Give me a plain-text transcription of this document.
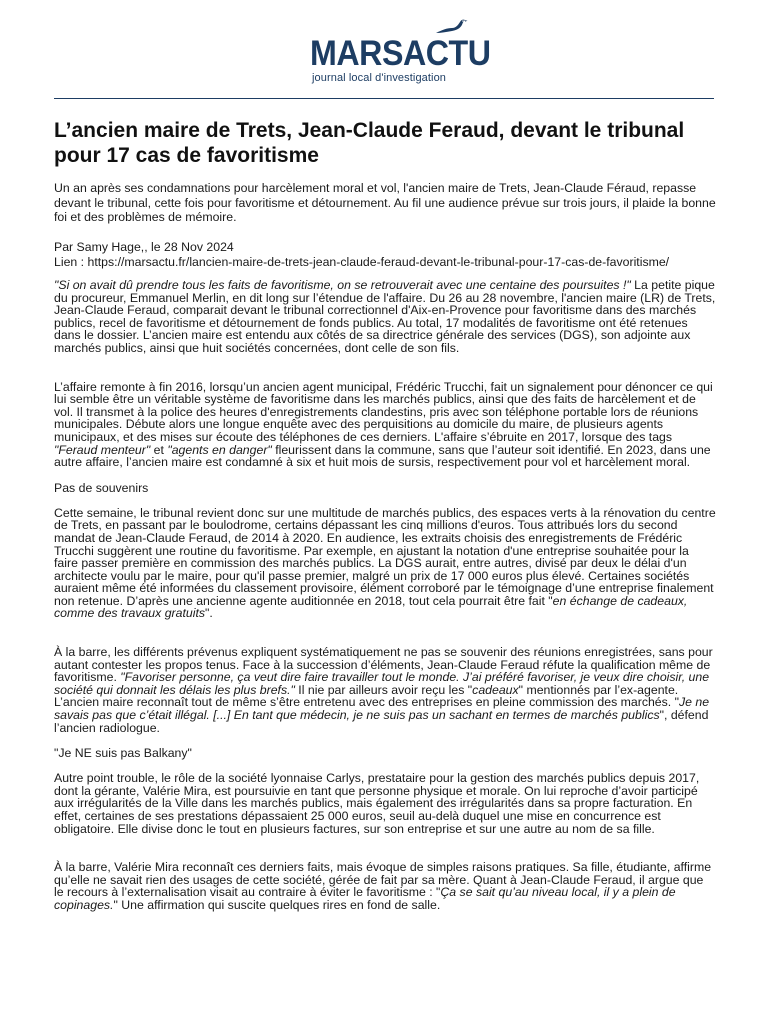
MARSACTU
journal local d'investigation
L’ancien maire de Trets, Jean-Claude Feraud, devant le tribunal pour 17 cas de favoritisme
Un an après ses condamnations pour harcèlement moral et vol, l'ancien maire de Trets, Jean-Claude Féraud, repasse devant le tribunal, cette fois pour favoritisme et détournement. Au fil une audience prévue sur trois jours, il plaide la bonne foi et des problèmes de mémoire.
Par Samy Hage,, le 28 Nov 2024
Lien : https://marsactu.fr/lancien-maire-de-trets-jean-claude-feraud-devant-le-tribunal-pour-17-cas-de-favoritisme/

"Si on avait dû prendre tous les faits de favoritisme, on se retrouverait avec une centaine des poursuites !" La petite pique du procureur, Emmanuel Merlin, en dit long sur l’étendue de l'affaire. Du 26 au 28 novembre, l'ancien maire (LR) de Trets, Jean-Claude Feraud, comparait devant le tribunal correctionnel d'Aix-en-Provence pour favoritisme dans des marchés publics, recel de favoritisme et détournement de fonds publics. Au total, 17 modalités de favoritisme ont été retenues dans le dossier. L’ancien maire est entendu aux côtés de sa directrice générale des services (DGS), son adjointe aux marchés publics, ainsi que huit sociétés concernées, dont celle de son fils.

L’affaire remonte à fin 2016, lorsqu’un ancien agent municipal, Frédéric Trucchi, fait un signalement pour dénoncer ce qui lui semble être un véritable système de favoritisme dans les marchés publics, ainsi que des faits de harcèlement et de vol. Il transmet à la police des heures d'enregistrements clandestins, pris avec son téléphone portable lors de réunions municipales. Débute alors une longue enquête avec des perquisitions au domicile du maire, de plusieurs agents municipaux, et des mises sur écoute des téléphones de ces derniers. L'affaire s’ébruite en 2017, lorsque des tags "Feraud menteur" et "agents en danger" fleurissent dans la commune, sans que l’auteur soit identifié. En 2023, dans une autre affaire, l’ancien maire est condamné à six et huit mois de sursis, respectivement pour vol et harcèlement moral.

Pas de souvenirs

Cette semaine, le tribunal revient donc sur une multitude de marchés publics, des espaces verts à la rénovation du centre de Trets, en passant par le boulodrome, certains dépassant les cinq millions d'euros. Tous attribués lors du second mandat de Jean-Claude Feraud, de 2014 à 2020. En audience, les extraits choisis des enregistrements de Frédéric Trucchi suggèrent une routine du favoritisme. Par exemple, en ajustant la notation d'une entreprise souhaitée pour la faire passer première en commission des marchés publics. La DGS aurait, entre autres, divisé par deux le délai d'un architecte voulu par le maire, pour qu'il passe premier, malgré un prix de 17 000 euros plus élevé. Certaines sociétés auraient même été informées du classement provisoire, élément corroboré par le témoignage d’une entreprise finalement non retenue. D’après une ancienne agente auditionnée en 2018, tout cela pourrait être fait "en échange de cadeaux, comme des travaux gratuits".

À la barre, les différents prévenus expliquent systématiquement ne pas se souvenir des réunions enregistrées, sans pour autant contester les propos tenus. Face à la succession d’éléments, Jean-Claude Feraud réfute la qualification même de favoritisme. "Favoriser personne, ça veut dire faire travailler tout le monde. J’ai préféré favoriser, je veux dire choisir, une société qui donnait les délais les plus brefs." Il nie par ailleurs avoir reçu les "cadeaux" mentionnés par l’ex-agente. L’ancien maire reconnaît tout de même s’être entretenu avec des entreprises en pleine commission des marchés. "Je ne savais pas que c’était illégal. [...] En tant que médecin, je ne suis pas un sachant en termes de marchés publics", défend l’ancien radiologue.

"Je NE suis pas Balkany"

Autre point trouble, le rôle de la société lyonnaise Carlys, prestataire pour la gestion des marchés publics depuis 2017, dont la gérante, Valérie Mira, est poursuivie en tant que personne physique et morale. On lui reproche d’avoir participé aux irrégularités de la Ville dans les marchés publics, mais également des irrégularités dans sa propre facturation. En effet, certaines de ses prestations dépassaient 25 000 euros, seuil au-delà duquel une mise en concurrence est obligatoire. Elle divise donc le tout en plusieurs factures, sur son entreprise et sur une autre au nom de sa fille.

À la barre, Valérie Mira reconnaît ces derniers faits, mais évoque de simples raisons pratiques. Sa fille, étudiante, affirme qu’elle ne savait rien des usages de cette société, gérée de fait par sa mère. Quant à Jean-Claude Feraud, il argue que le recours à l’externalisation visait au contraire à éviter le favoritisme : "Ça se sait qu’au niveau local, il y a plein de copinages." Une affirmation qui suscite quelques rires en fond de salle.
